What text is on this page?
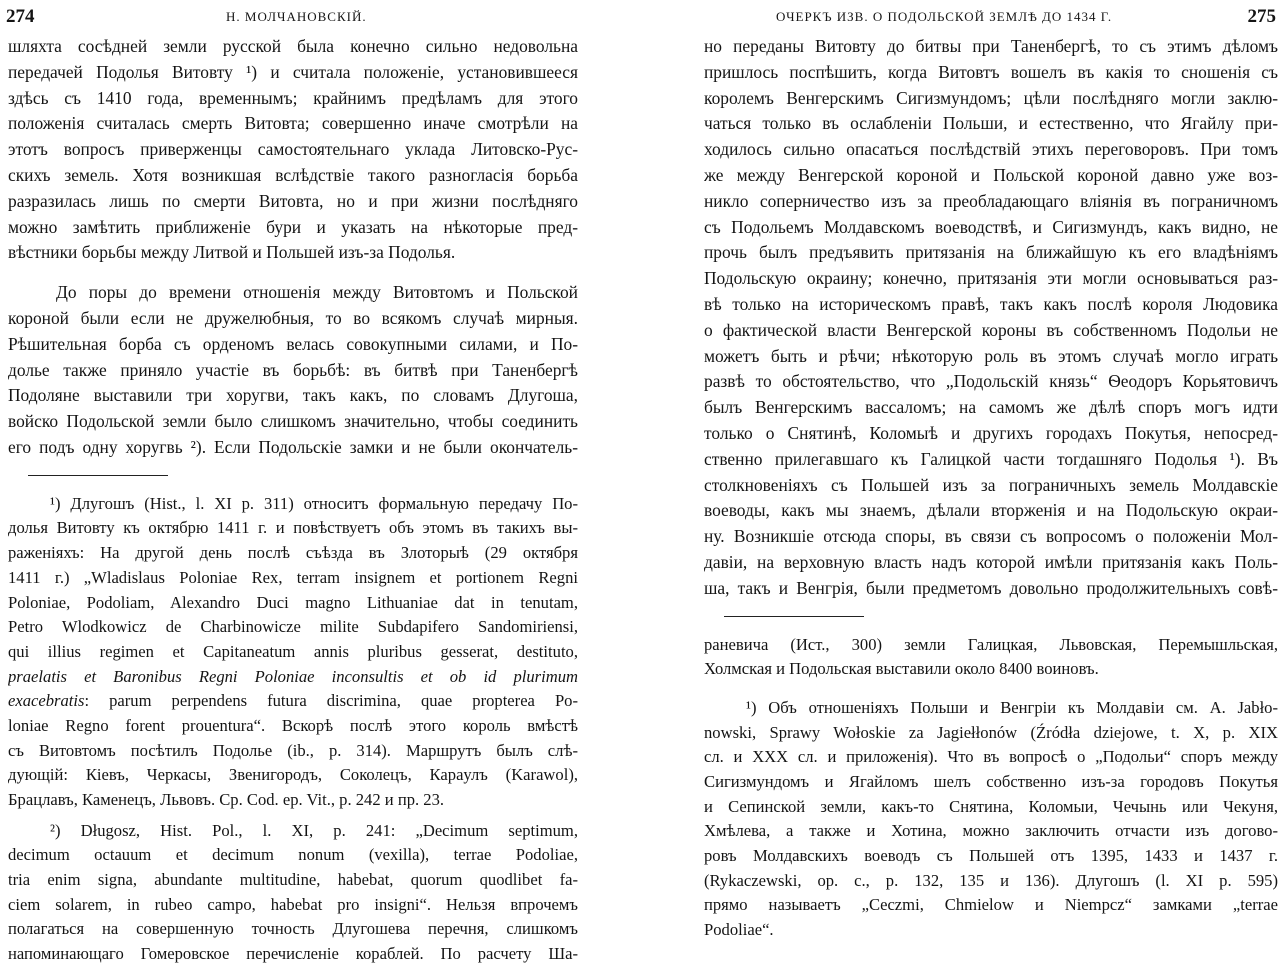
274	Н. МОЛЧАНОВСКІЙ.
шляхта сосѣдней земли русской была конечно сильно недовольна
передачей Подолья Витовту ¹) и считала положеніе, установившееся
здѣсь съ 1410 года, временнымъ; крайнимъ предѣламъ для этого
положенія считалась смерть Витовта; совершенно иначе смотрѣли на
этотъ вопросъ приверженцы самостоятельнаго уклада Литовско-Рус-
скихъ земель. Хотя возникшая вслѣдствіе такого разногласія борьба
разразилась лишь по смерти Витовта, но и при жизни послѣдняго
можно замѣтить приближеніе бури и указать на нѣкоторые пред-
вѣстники борьбы между Литвой и Польшей изъ-за Подолья.
До поры до времени отношенія между Витовтомъ и Польской
короной были если не дружелюбныя, то во всякомъ случаѣ мирныя.
Рѣшительная борба съ орденомъ велась совокупными силами, и По-
долье также приняло участіе въ борьбѣ: въ битвѣ при Таненбергѣ
Подоляне выставили три хоругви, такъ какъ, по словамъ Длугоша,
войско Подольской земли было слишкомъ значительно, чтобы соединить
его подъ одну хоругвь ²). Если Подольскіе замки и не были окончатель-
¹) Длугошъ (Hist., l. XI p. 311) относитъ формальную передачу По-
долья Витовту къ октябрю 1411 г. и повѣствуетъ объ этомъ въ такихъ вы-
раженіяхъ: На другой день послѣ съѣзда въ Злоторыѣ (29 октября
1411 г.) „Wladislaus Poloniae Rex, terram insignem et portionem Regni
Poloniae, Podoliam, Alexandro Duci magno Lithuaniae dat in tenutam,
Petro Wlodkowicz de Charbinowicze milite Subdapifero Sandomiriensi,
qui illius regimen et Capitaneatum annis pluribus gesserat, destituto,
praelatis et Baronibus Regni Poloniae inconsultis et ob id plurimum
exacebratis: parum perpendens futura discrimina, quae propterea Po-
loniae Regno forent prouentura“. Вскорѣ послѣ этого король вмѣстѣ
съ Витовтомъ посѣтилъ Подолье (ib., p. 314). Маршрутъ былъ слѣ-
дующій: Кіевъ, Черкасы, Звенигородъ, Соколецъ, Карaулъ (Karawol),
Брацлавъ, Каменецъ, Львовъ. Ср. Cod. ep. Vit., p. 242 и пр. 23.
²) Długosz, Hist. Pol., l. XI, p. 241: „Decimum septimum,
decimum octauum et decimum nonum (vexilla), terrae Podoliae,
tria enim signa, abundante multitudine, habebat, quorum quodlibet fa-
ciem solarem, in rubeo campo, habebat pro insigni“. Нельзя впрочемъ
полагаться на совершенную точность Длугошева перечня, слишкомъ
напоминающаго Гомеровское перечисленіе кораблей. По расчету Ша-
ОЧЕРКЪ ИЗВ. О ПОДОЛЬСКОЙ ЗЕМЛѢ ДО 1434 Г.	275
но переданы Витовту до битвы при Таненбергѣ, то съ этимъ дѣломъ
пришлось поспѣшить, когда Витовтъ вошелъ въ какія то сношенія съ
королемъ Венгерскимъ Сигизмундомъ; цѣли послѣдняго могли заклю-
чаться только въ ослабленіи Польши, и естественно, что Ягайлу при-
ходилось сильно опасаться послѣдствій этихъ переговоровъ. При томъ
же между Венгерской короной и Польской короной давно уже воз-
никло соперничество изъ за преобладающаго вліянія въ пограничномъ
съ Подольемъ Молдавскомъ воеводствѣ, и Сигизмундъ, какъ видно, не
прочь былъ предъявить притязанія на ближайшую къ его владѣніямъ
Подольскую окраину; конечно, притязанія эти могли основываться раз-
вѣ только на историческомъ правѣ, такъ какъ послѣ короля Людовика
о фактической власти Венгерской короны въ собственномъ Подольи не
можетъ быть и рѣчи; нѣкоторую роль въ этомъ случаѣ могло играть
развѣ то обстоятельство, что „Подольскій князь“ Ѳеодоръ Корьятовичъ
былъ Венгерскимъ вассаломъ; на самомъ же дѣлѣ споръ могъ идти
только о Снятинѣ, Коломыѣ и другихъ городахъ Покутья, непосред-
ственно прилегавшаго къ Галицкой части тогдашняго Подолья ¹). Въ
столкновеніяхъ съ Польшей изъ за пограничныхъ земель Молдавскіе
воеводы, какъ мы знаемъ, дѣлали вторженія и на Подольскую окраи-
ну. Возникшіе отсюда споры, въ связи съ вопросомъ о положеніи Мол-
давіи, на верховную власть надъ которой имѣли притязанія какъ Поль-
ша, такъ и Венгрія, были предметомъ довольно продолжительныхъ совѣ-
раневича (Ист., 300) земли Галицкая, Львовская, Перемышльская,
Холмская и Подольская выставили около 8400 воиновъ.
¹) Объ отношеніяхъ Польши и Венгріи къ Молдавіи см. А. Jabło-
nowski, Sprawy Wołoskie za Jagiełłonów (Źródła dziejowe, t. X, p. XIX
сл. и XXX сл. и приложенія). Что въ вопросѣ о „Подольи“ споръ между
Сигизмундомъ и Ягайломъ шелъ собственно изъ-за городовъ Покутья
и Сепинской земли, какъ-то Снятина, Коломыи, Чечынь или Чекуня,
Хмѣлева, а также и Хотина, можно заключить отчасти изъ догово-
ровъ Молдавскихъ воеводъ съ Польшей отъ 1395, 1433 и 1437 г.
(Rykaczewski, op. c., p. 132, 135 и 136). Длугошъ (l. XI p. 595)
прямо называетъ „Ceczmi, Chmielow и Niempcz“ замками „terrae
Podoliae“.
